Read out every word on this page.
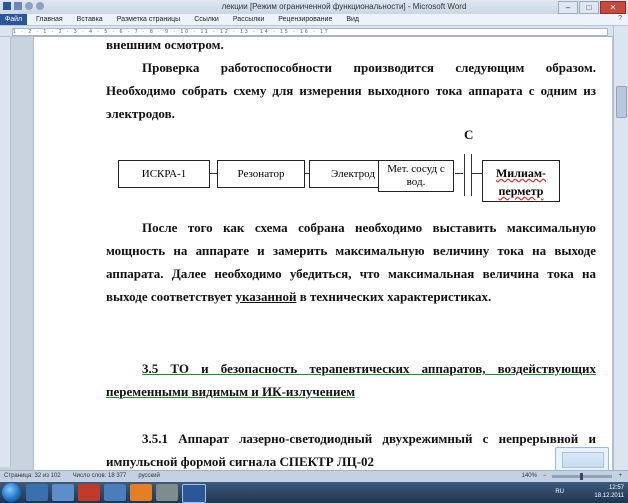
лекции [Режим ограниченной функциональности] - Microsoft Word	–	□	✕
Файл	Главная Вставка Разметка страницы Ссылки Рассылки Рецензирование Вид	?
1 · 2 · 1 · 2 · 3 · 4 · 5 · 6 · 7 · 8 · 9 · 10 · 11 · 12 · 13 · 14 · 15 · 16 · 17
внешним осмотром.
Проверка работоспособности производится следующим образом. Необходимо собрать схему для измерения выходного тока аппарата с одним из электродов.
С
ИСКРА-1	Резонатор	Электрод	Мет. сосуд с вод.
Милиам-перметр
После того как схема собрана необходимо выставить максимальную мощность на аппарате и замерить максимальную величину тока на выходе аппарата. Далее необходимо убедиться, что максимальная величина тока на выходе соответствует указанной в технических характеристиках.
3.5 ТО и безопасность терапевтических аппаратов, воздействующих переменными видимым и ИК-излучением
3.5.1 Аппарат лазерно-светодиодный двухрежимный с непрерывной и импульсной формой сигнала СПЕКТР ЛЦ-02
Страница: 32 из 102 Число слов: 18 377 русский	140% −	+
RU
12:57
18.12.2011
